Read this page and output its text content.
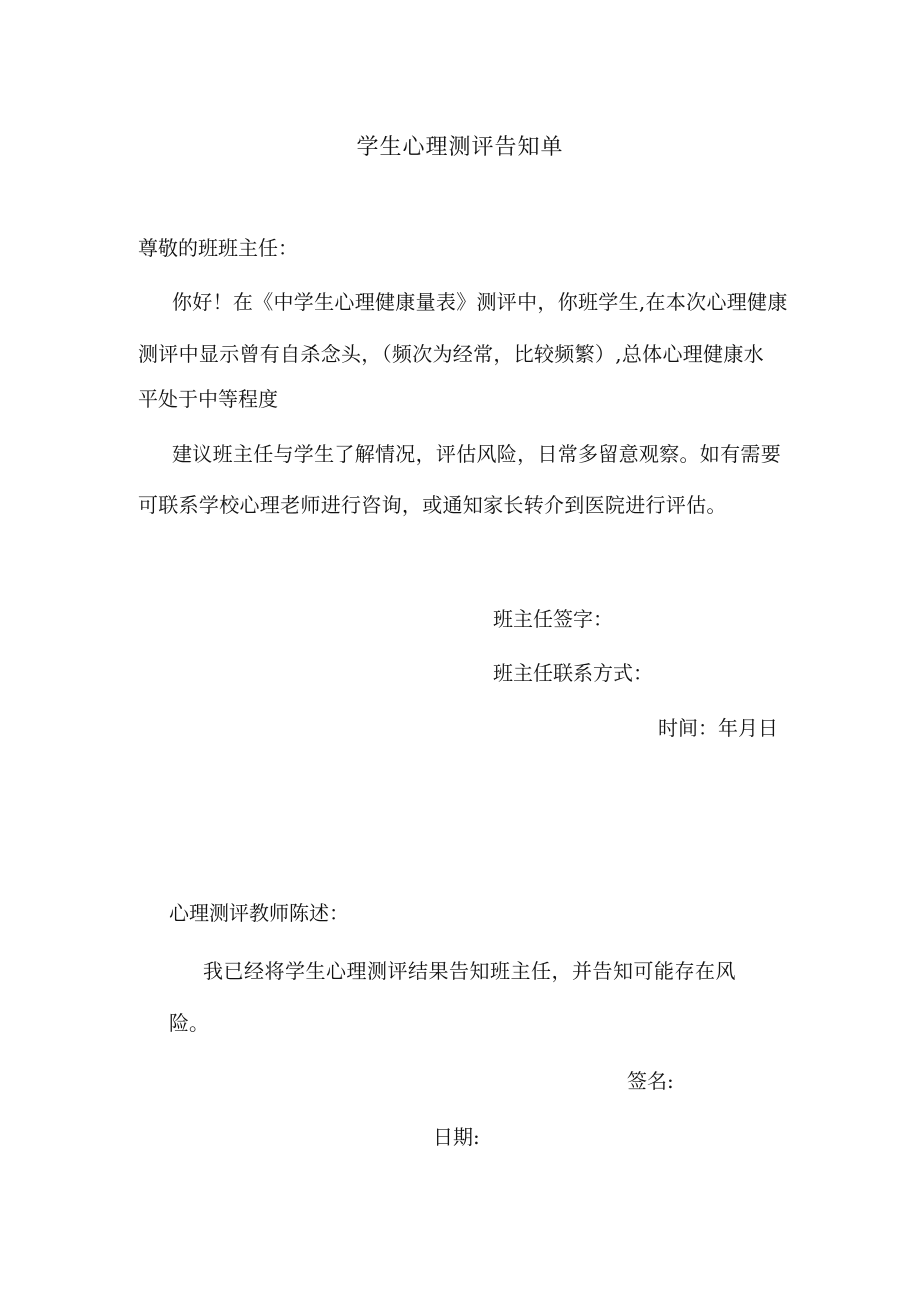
学生心理测评告知单
尊敬的班班主任：
你好！在《中学生心理健康量表》测评中，你班学生,在本次心理健康
测评中显示曾有自杀念头，（频次为经常，比较频繁）,总体心理健康水
平处于中等程度
建议班主任与学生了解情况，评估风险，日常多留意观察。如有需要
可联系学校心理老师进行咨询，或通知家长转介到医院进行评估。
班主任签字：
班主任联系方式：
时间：年月日
心理测评教师陈述：
我已经将学生心理测评结果告知班主任，并告知可能存在风
险。
签名:
日期:
